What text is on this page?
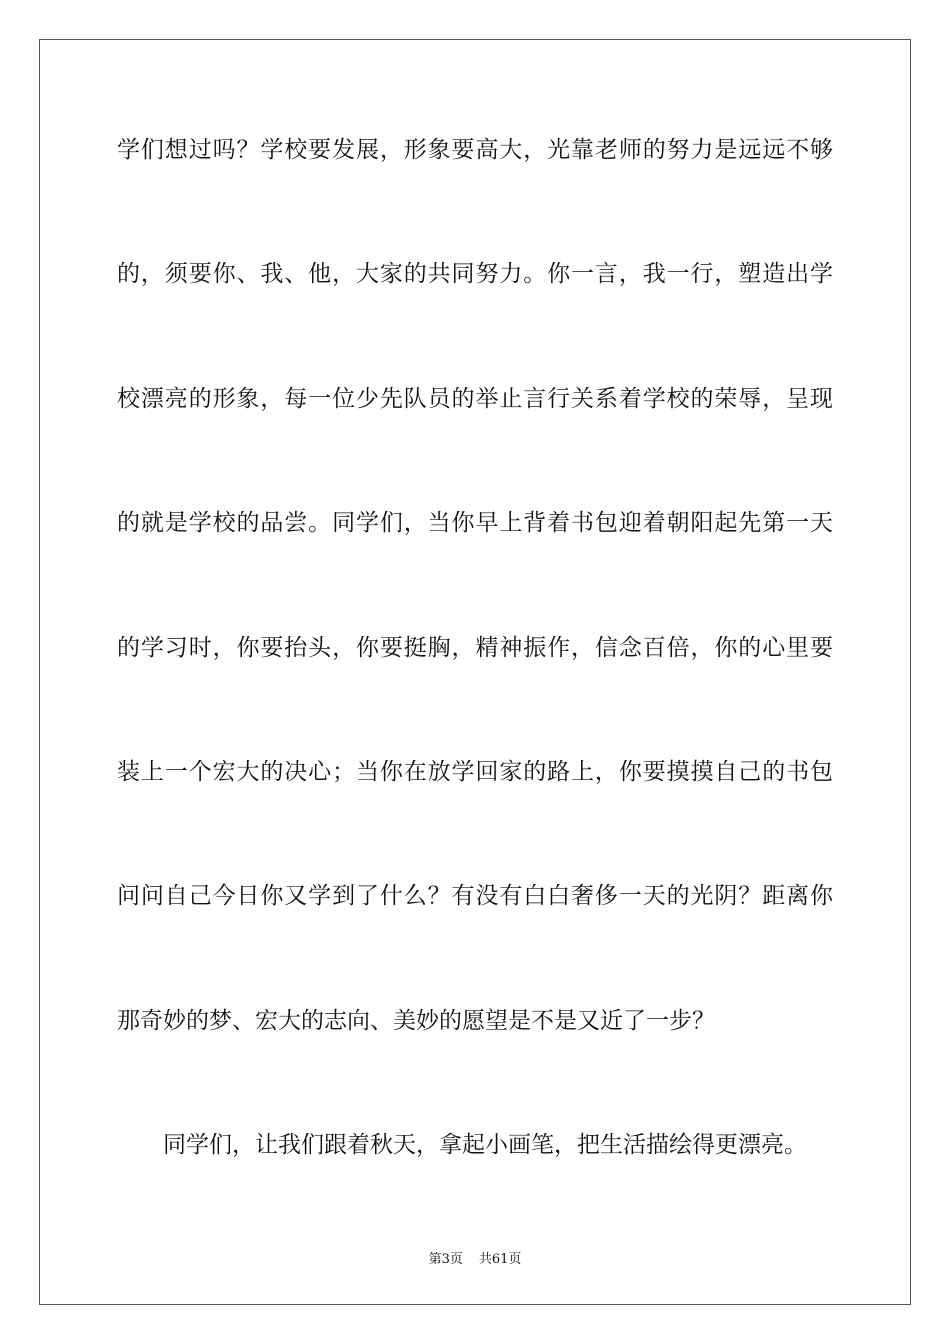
学们想过吗？学校要发展，形象要高大，光靠老师的努力是远远不够
的，须要你、我、他，大家的共同努力。你一言，我一行，塑造出学
校漂亮的形象，每一位少先队员的举止言行关系着学校的荣辱，呈现
的就是学校的品尝。同学们，当你早上背着书包迎着朝阳起先第一天
的学习时，你要抬头，你要挺胸，精神振作，信念百倍，你的心里要
装上一个宏大的决心；当你在放学回家的路上，你要摸摸自己的书包
问问自己今日你又学到了什么？有没有白白奢侈一天的光阴？距离你
那奇妙的梦、宏大的志向、美妙的愿望是不是又近了一步？
同学们，让我们跟着秋天，拿起小画笔，把生活描绘得更漂亮。
第3页 共61页
